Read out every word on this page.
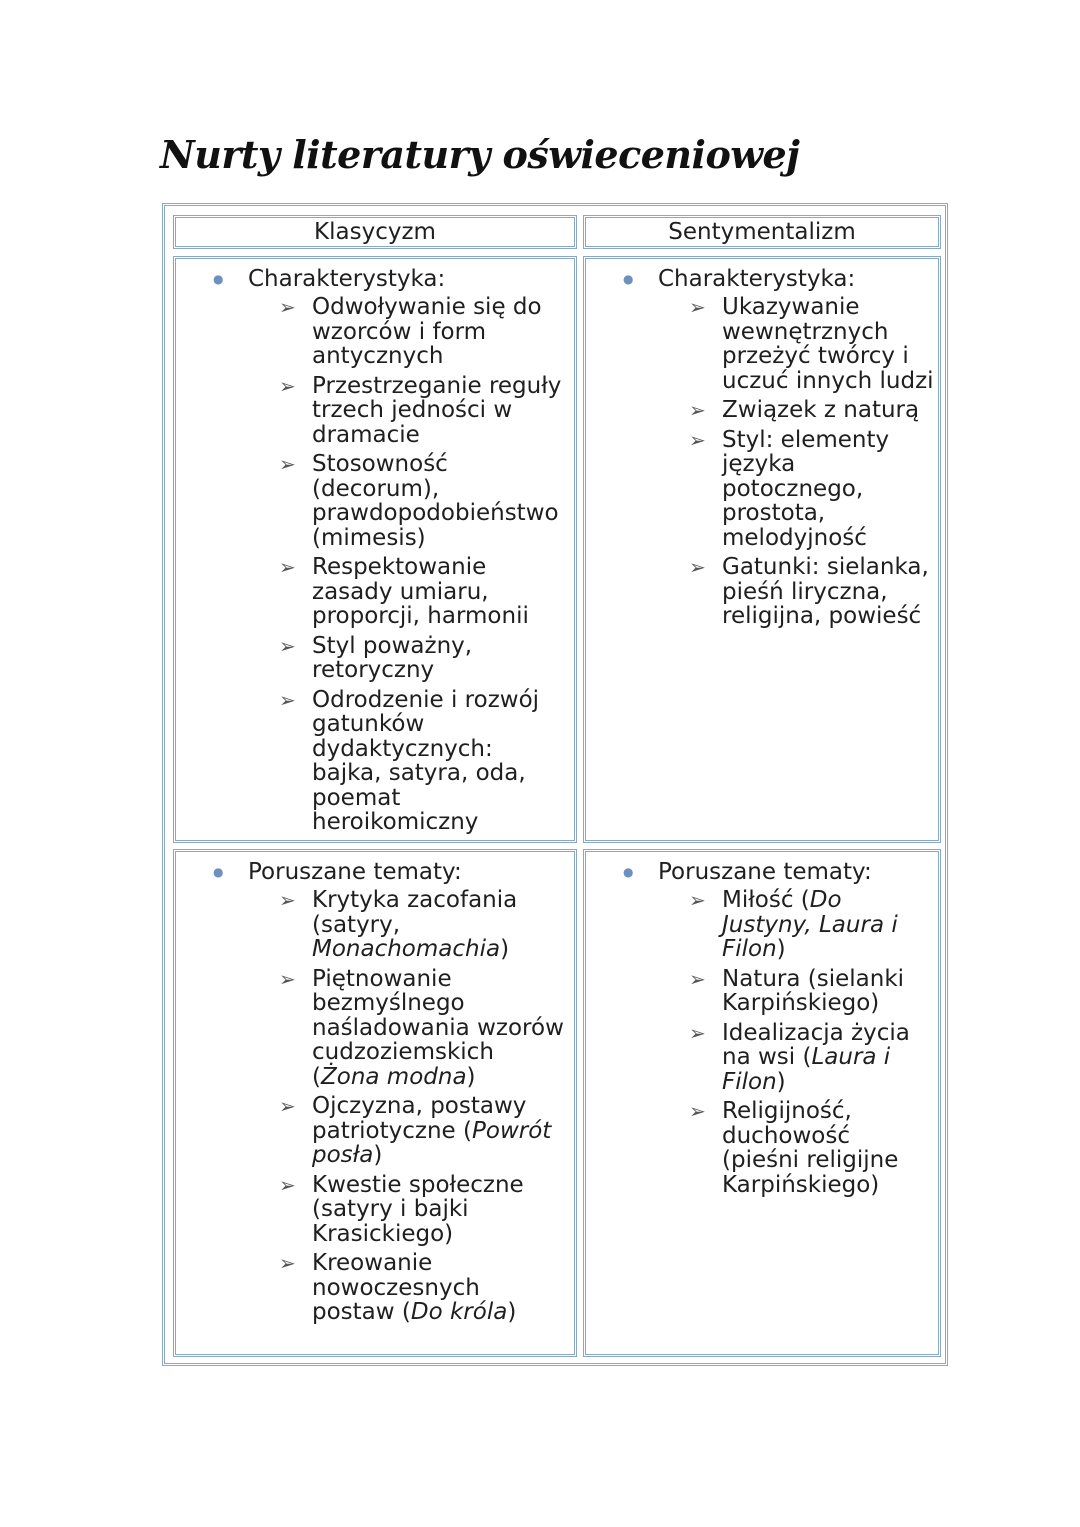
Nurty literatury oświeceniowej
Klasycyzm	Sentymentalizm
● Charakterystyka:
➢ Odwoływanie się do wzorców i form antycznych
➢ Przestrzeganie reguły trzech jedności w dramacie
➢ Stosowność (decorum), prawdopodobieństwo (mimesis)
➢ Respektowanie zasady umiaru, proporcji, harmonii
➢ Styl poważny, retoryczny
➢ Odrodzenie i rozwój gatunków dydaktycznych: bajka, satyra, oda, poemat heroikomiczny
● Charakterystyka:
➢ Ukazywanie wewnętrznych przeżyć twórcy i uczuć innych ludzi
➢ Związek z naturą
➢ Styl: elementy języka potocznego, prostota, melodyjność
➢ Gatunki: sielanka, pieśń liryczna, religijna, powieść
● Poruszane tematy:
➢ Krytyka zacofania (satyry, Monachomachia)
➢ Piętnowanie bezmyślnego naśladowania wzorów cudzoziemskich (Żona modna)
➢ Ojczyzna, postawy patriotyczne (Powrót posła)
➢ Kwestie społeczne (satyry i bajki Krasickiego)
➢ Kreowanie nowoczesnych postaw (Do króla)
● Poruszane tematy:
➢ Miłość (Do Justyny, Laura i Filon)
➢ Natura (sielanki Karpińskiego)
➢ Idealizacja życia na wsi (Laura i Filon)
➢ Religijność, duchowość (pieśni religijne Karpińskiego)
